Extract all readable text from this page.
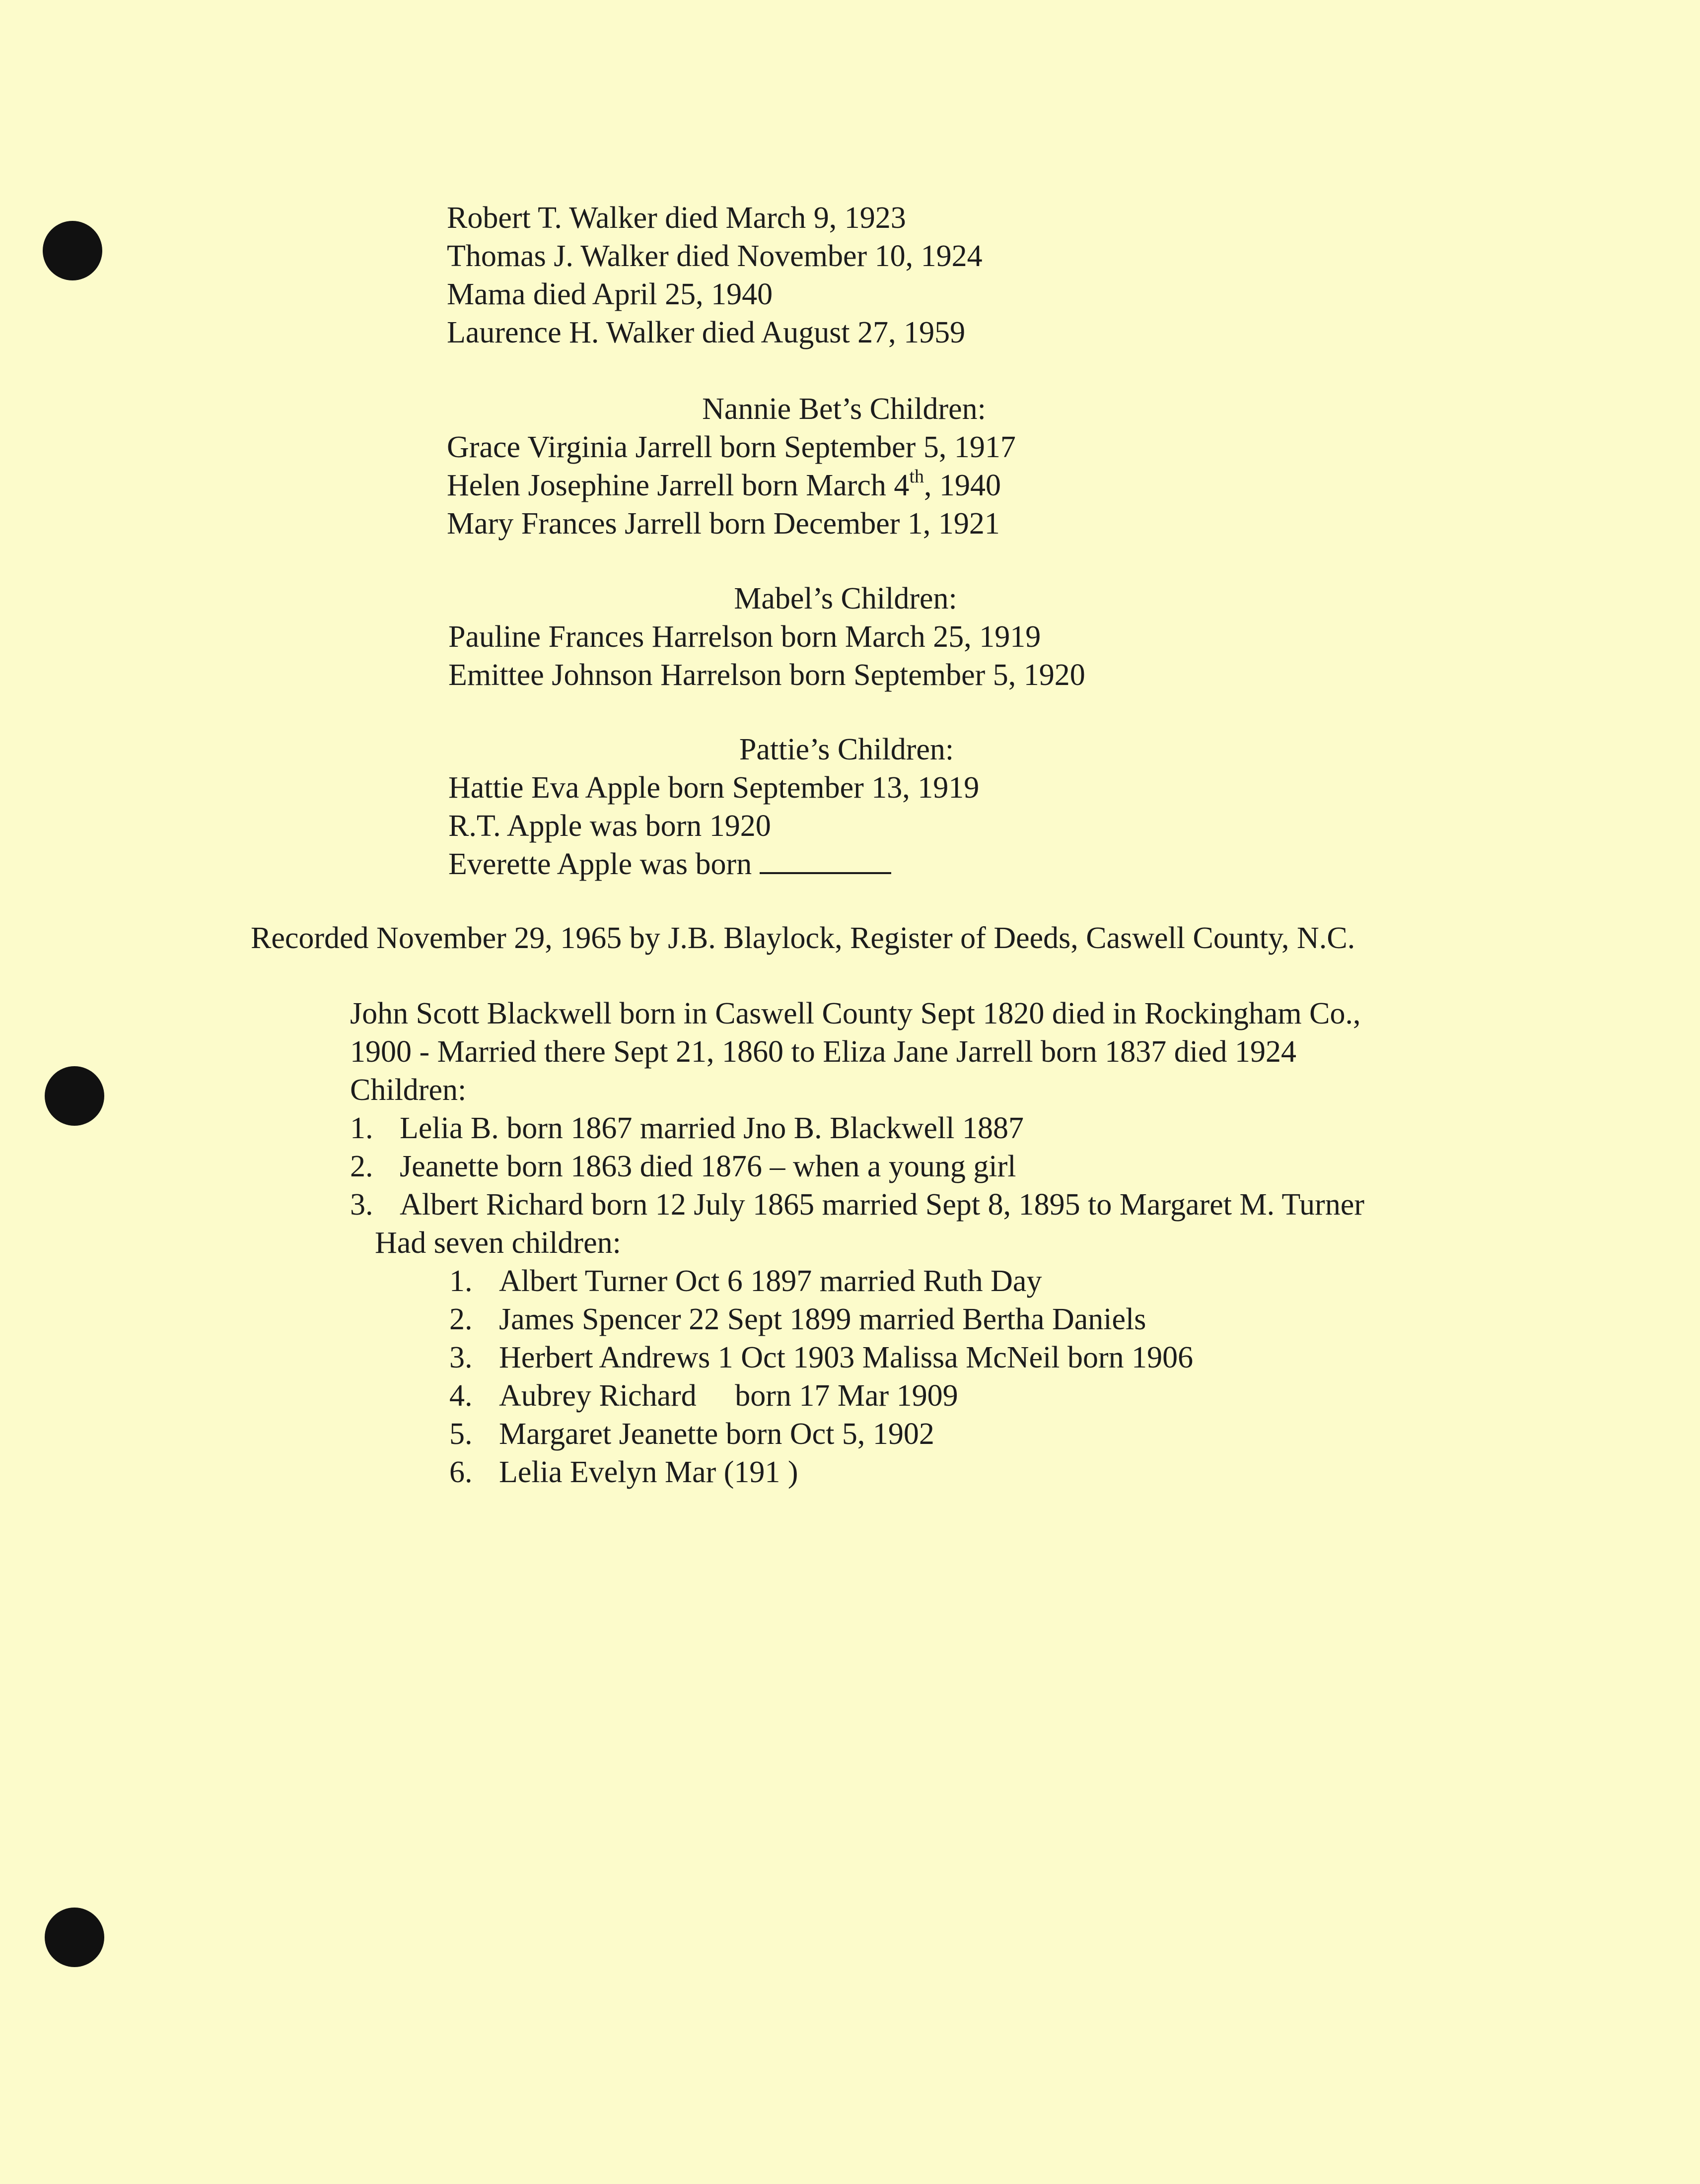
Robert T. Walker died March 9, 1923
Thomas J. Walker died November 10, 1924
Mama died April 25, 1940
Laurence H. Walker died August 27, 1959
Nannie Bet’s Children:
Grace Virginia Jarrell born September 5, 1917
Helen Josephine Jarrell born March 4th, 1940
Mary Frances Jarrell born December 1, 1921
Mabel’s Children:
Pauline Frances Harrelson born March 25, 1919
Emittee Johnson Harrelson born September 5, 1920
Pattie’s Children:
Hattie Eva Apple born September 13, 1919
R.T. Apple was born 1920
Everette Apple was born
Recorded November 29, 1965 by J.B. Blaylock, Register of Deeds, Caswell County, N.C.
John Scott Blackwell born in Caswell County Sept 1820 died in Rockingham Co.,
1900 - Married there Sept 21, 1860 to Eliza Jane Jarrell born 1837 died 1924
Children:
1. Lelia B. born 1867 married Jno B. Blackwell 1887
2. Jeanette born 1863 died 1876 – when a young girl
3. Albert Richard born 12 July 1865 married Sept 8, 1895 to Margaret M. Turner
Had seven children:
1. Albert Turner Oct 6 1897 married Ruth Day
2. James Spencer 22 Sept 1899 married Bertha Daniels
3. Herbert Andrews 1 Oct 1903 Malissa McNeil born 1906
4. Aubrey Richard     born 17 Mar 1909
5. Margaret Jeanette born Oct 5, 1902
6. Lelia Evelyn Mar (191 )
